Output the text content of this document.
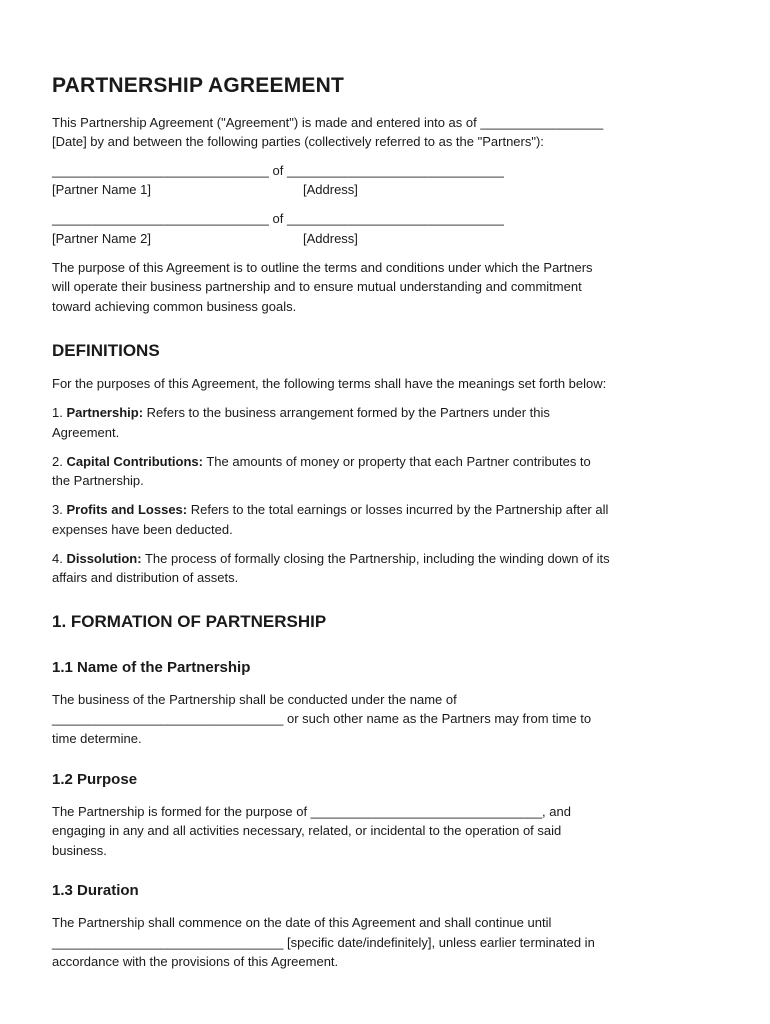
PARTNERSHIP AGREEMENT

This Partnership Agreement ("Agreement") is made and entered into as of _________________

[Date] by and between the following parties (collectively referred to as the "Partners"):

______________________________ of ______________________________

[Partner Name 1]	[Address]

______________________________ of ______________________________

[Partner Name 2]	[Address]

The purpose of this Agreement is to outline the terms and conditions under which the Partners

will operate their business partnership and to ensure mutual understanding and commitment

toward achieving common business goals.

DEFINITIONS

For the purposes of this Agreement, the following terms shall have the meanings set forth below:

1. Partnership: Refers to the business arrangement formed by the Partners under this

Agreement.

2. Capital Contributions: The amounts of money or property that each Partner contributes to

the Partnership.

3. Profits and Losses: Refers to the total earnings or losses incurred by the Partnership after all

expenses have been deducted.

4. Dissolution: The process of formally closing the Partnership, including the winding down of its

affairs and distribution of assets.

1. FORMATION OF PARTNERSHIP
1.1 Name of the Partnership

The business of the Partnership shall be conducted under the name of

________________________________ or such other name as the Partners may from time to

time determine.

1.2 Purpose

The Partnership is formed for the purpose of ________________________________, and

engaging in any and all activities necessary, related, or incidental to the operation of said

business.

1.3 Duration

The Partnership shall commence on the date of this Agreement and shall continue until

________________________________ [specific date/indefinitely], unless earlier terminated in

accordance with the provisions of this Agreement.
